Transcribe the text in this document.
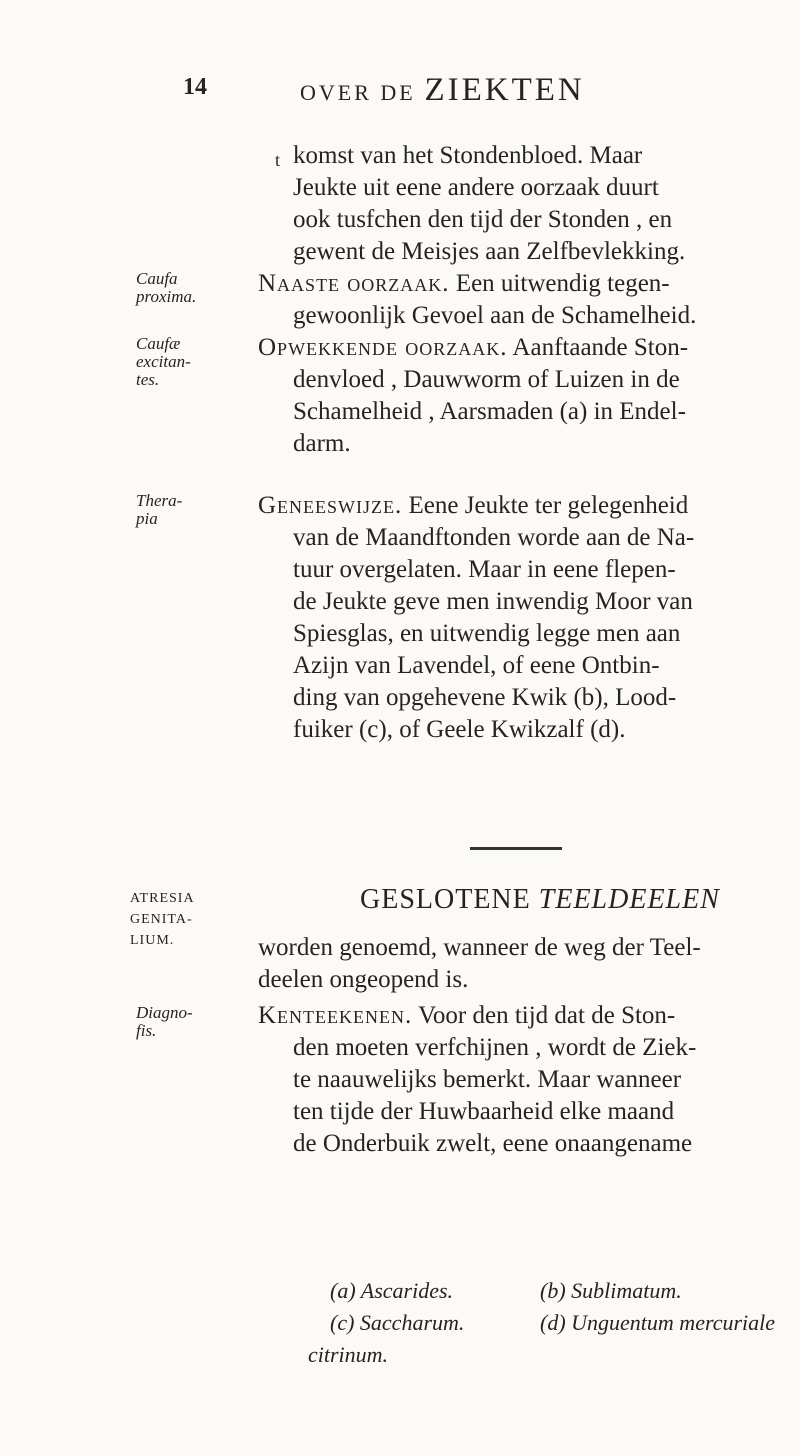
14	OVER DE ZIEKTEN
t komst van het Stondenbloed. Maar
Jeukte uit eene andere oorzaak duurt
ook tusfchen den tijd der Stonden , en
gewent de Meisjes aan Zelfbevlekking.
Naaste oorzaak. Een uitwendig tegen-
gewoonlijk Gevoel aan de Schamelheid.
Opwekkende oorzaak. Aanftaande Ston-
denvloed , Dauwworm of Luizen in de
Schamelheid , Aarsmaden (a) in Endel-
darm.
Geneeswijze. Eene Jeukte ter gelegenheid
van de Maandftonden worde aan de Na-
tuur overgelaten. Maar in eene flepen-
de Jeukte geve men inwendig Moor van
Spiesglas, en uitwendig legge men aan
Azijn van Lavendel, of eene Ontbin-
ding van opgehevene Kwik (b), Lood-
fuiker (c), of Geele Kwikzalf (d).
Caufa
proxima.
Caufæ
excitan-
tes.
Thera-
pia
ATRESIA
GENITA-
LIUM.
Diagno-
fis.
GESLOTENE TEELDEELEN
worden genoemd, wanneer de weg der Teel-
deelen ongeopend is.
Kenteekenen. Voor den tijd dat de Ston-
den moeten verfchijnen , wordt de Ziek-
te naauwelijks bemerkt. Maar wanneer
ten tijde der Huwbaarheid elke maand
de Onderbuik zwelt, eene onaangename
(a) Ascarides.	(b) Sublimatum.
(c) Saccharum.	(d) Unguentum mercuriale
citrinum.
